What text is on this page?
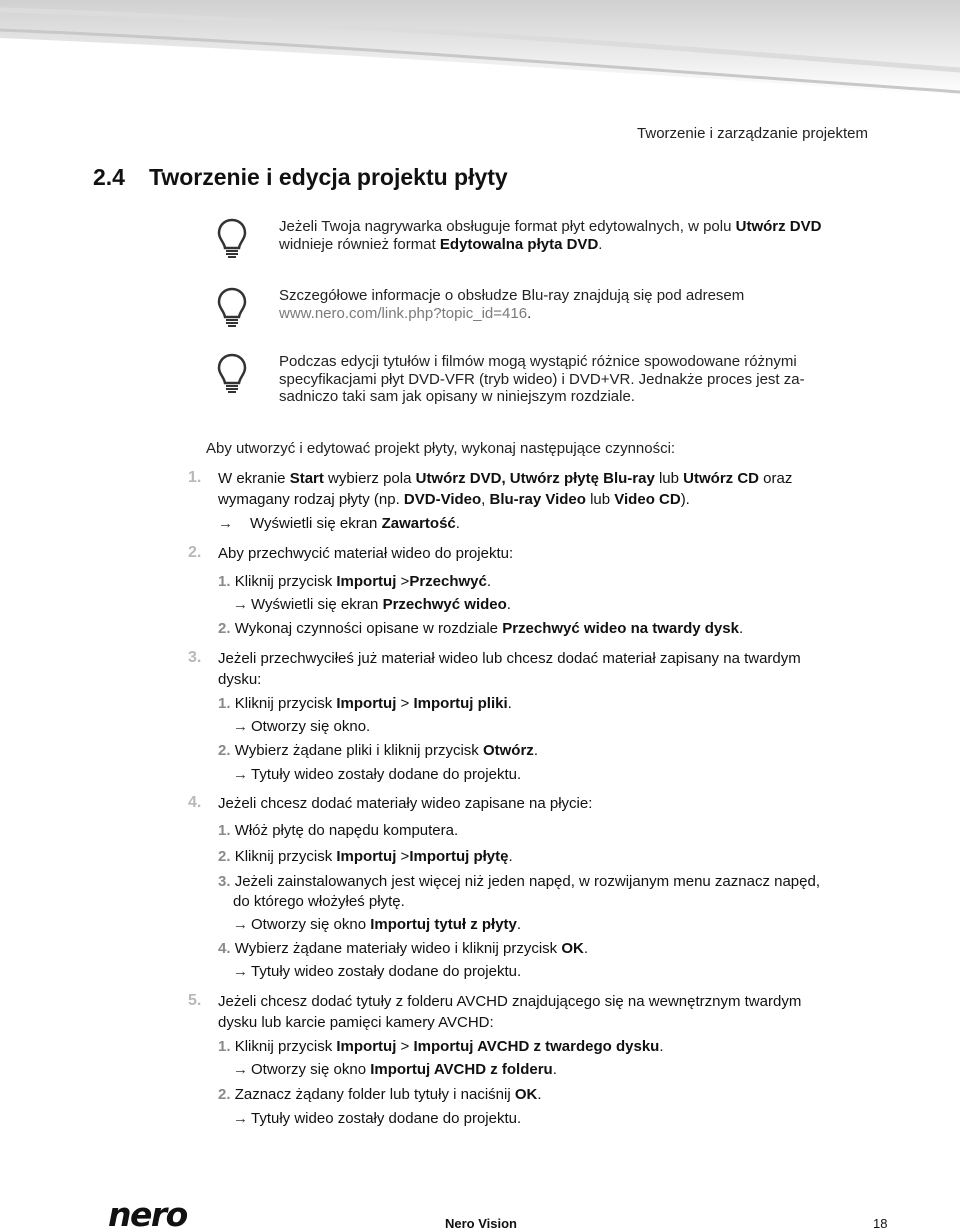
Tworzenie i zarządzanie projektem
2.4 Tworzenie i edycja projektu płyty
Jeżeli Twoja nagrywarka obsługuje format płyt edytowalnych, w polu Utwórz DVD
widnieje również format Edytowalna płyta DVD.
Szczegółowe informacje o obsłudze Blu-ray znajdują się pod adresem
www.nero.com/link.php?topic_id=416.
Podczas edycji tytułów i filmów mogą wystąpić różnice spowodowane różnymi
specyfikacjami płyt DVD-VFR (tryb wideo) i DVD+VR. Jednakże proces jest za-
sadniczo taki sam jak opisany w niniejszym rozdziale.
Aby utworzyć i edytować projekt płyty, wykonaj następujące czynności:
1. W ekranie Start wybierz pola Utwórz DVD, Utwórz płytę Blu-ray lub Utwórz CD oraz
wymagany rodzaj płyty (np. DVD-Video, Blu-ray Video lub Video CD).
→ Wyświetli się ekran Zawartość.
2. Aby przechwycić materiał wideo do projektu:
1. Kliknij przycisk Importuj >Przechwyć.
→ Wyświetli się ekran Przechwyć wideo.
2. Wykonaj czynności opisane w rozdziale Przechwyć wideo na twardy dysk.
3. Jeżeli przechwyciłeś już materiał wideo lub chcesz dodać materiał zapisany na twardym
dysku:
1. Kliknij przycisk Importuj > Importuj pliki.
→ Otworzy się okno.
2. Wybierz żądane pliki i kliknij przycisk Otwórz.
→ Tytuły wideo zostały dodane do projektu.
4. Jeżeli chcesz dodać materiały wideo zapisane na płycie:
1. Włóż płytę do napędu komputera.
2. Kliknij przycisk Importuj >Importuj płytę.
3. Jeżeli zainstalowanych jest więcej niż jeden napęd, w rozwijanym menu zaznacz napęd,
do którego włożyłeś płytę.
→ Otworzy się okno Importuj tytuł z płyty.
4. Wybierz żądane materiały wideo i kliknij przycisk OK.
→ Tytuły wideo zostały dodane do projektu.
5. Jeżeli chcesz dodać tytuły z folderu AVCHD znajdującego się na wewnętrznym twardym
dysku lub karcie pamięci kamery AVCHD:
1. Kliknij przycisk Importuj > Importuj AVCHD z twardego dysku.
→ Otworzy się okno Importuj AVCHD z folderu.
2. Zaznacz żądany folder lub tytuły i naciśnij OK.
→ Tytuły wideo zostały dodane do projektu.
nero	Nero Vision	18
